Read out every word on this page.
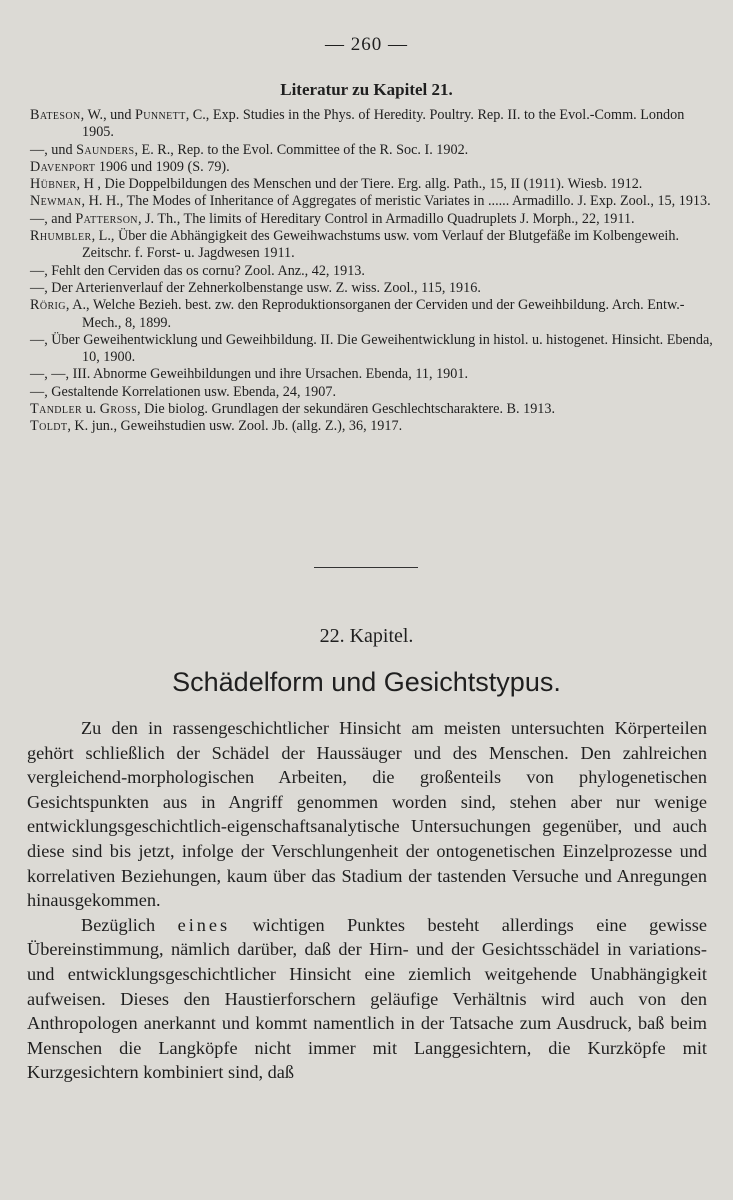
— 260 —
Literatur zu Kapitel 21.
Bateson, W., und Punnett, C., Exp. Studies in the Phys. of Heredity. Poultry. Rep. II. to the Evol.-Comm. London 1905.
—, und Saunders, E. R., Rep. to the Evol. Committee of the R. Soc. I. 1902.
Davenport 1906 und 1909 (S. 79).
Hübner, H , Die Doppelbildungen des Menschen und der Tiere. Erg. allg. Path., 15, II (1911). Wiesb. 1912.
Newman, H. H., The Modes of Inheritance of Aggregates of meristic Variates in ...... Armadillo. J. Exp. Zool., 15, 1913.
—, and Patterson, J. Th., The limits of Hereditary Control in Armadillo Quadruplets J. Morph., 22, 1911.
Rhumbler, L., Über die Abhängigkeit des Geweihwachstums usw. vom Verlauf der Blutgefäße im Kolbengeweih. Zeitschr. f. Forst- u. Jagdwesen 1911.
—, Fehlt den Cerviden das os cornu? Zool. Anz., 42, 1913.
—, Der Arterienverlauf der Zehnerkolbenstange usw. Z. wiss. Zool., 115, 1916.
Rörig, A., Welche Bezieh. best. zw. den Reproduktionsorganen der Cerviden und der Geweihbildung. Arch. Entw.-Mech., 8, 1899.
—, Über Geweihentwicklung und Geweihbildung. II. Die Geweihentwicklung in histol. u. histogenet. Hinsicht. Ebenda, 10, 1900.
—, —, III. Abnorme Geweihbildungen und ihre Ursachen. Ebenda, 11, 1901.
—, Gestaltende Korrelationen usw. Ebenda, 24, 1907.
Tandler u. Gross, Die biolog. Grundlagen der sekundären Geschlechtscharaktere. B. 1913.
Toldt, K. jun., Geweihstudien usw. Zool. Jb. (allg. Z.), 36, 1917.
22. Kapitel.
Schädelform und Gesichtstypus.

Zu den in rassengeschichtlicher Hinsicht am meisten untersuchten Körperteilen gehört schließlich der Schädel der Haussäuger und des Menschen. Den zahlreichen vergleichend-morphologischen Arbeiten, die großenteils von phylogenetischen Gesichtspunkten aus in Angriff genommen worden sind, stehen aber nur wenige entwicklungsgeschichtlich-eigenschaftsanalytische Untersuchungen gegenüber, und auch diese sind bis jetzt, infolge der Verschlungenheit der ontogenetischen Einzelprozesse und korrelativen Beziehungen, kaum über das Stadium der tastenden Versuche und Anregungen hinausgekommen.

Bezüglich eines wichtigen Punktes besteht allerdings eine gewisse Übereinstimmung, nämlich darüber, daß der Hirn- und der Gesichtsschädel in variations- und entwicklungsgeschichtlicher Hinsicht eine ziemlich weitgehende Unabhängigkeit aufweisen. Dieses den Haustierforschern geläufige Verhältnis wird auch von den Anthropologen anerkannt und kommt namentlich in der Tatsache zum Ausdruck, baß beim Menschen die Langköpfe nicht immer mit Langgesichtern, die Kurzköpfe mit Kurzgesichtern kombiniert sind, daß
